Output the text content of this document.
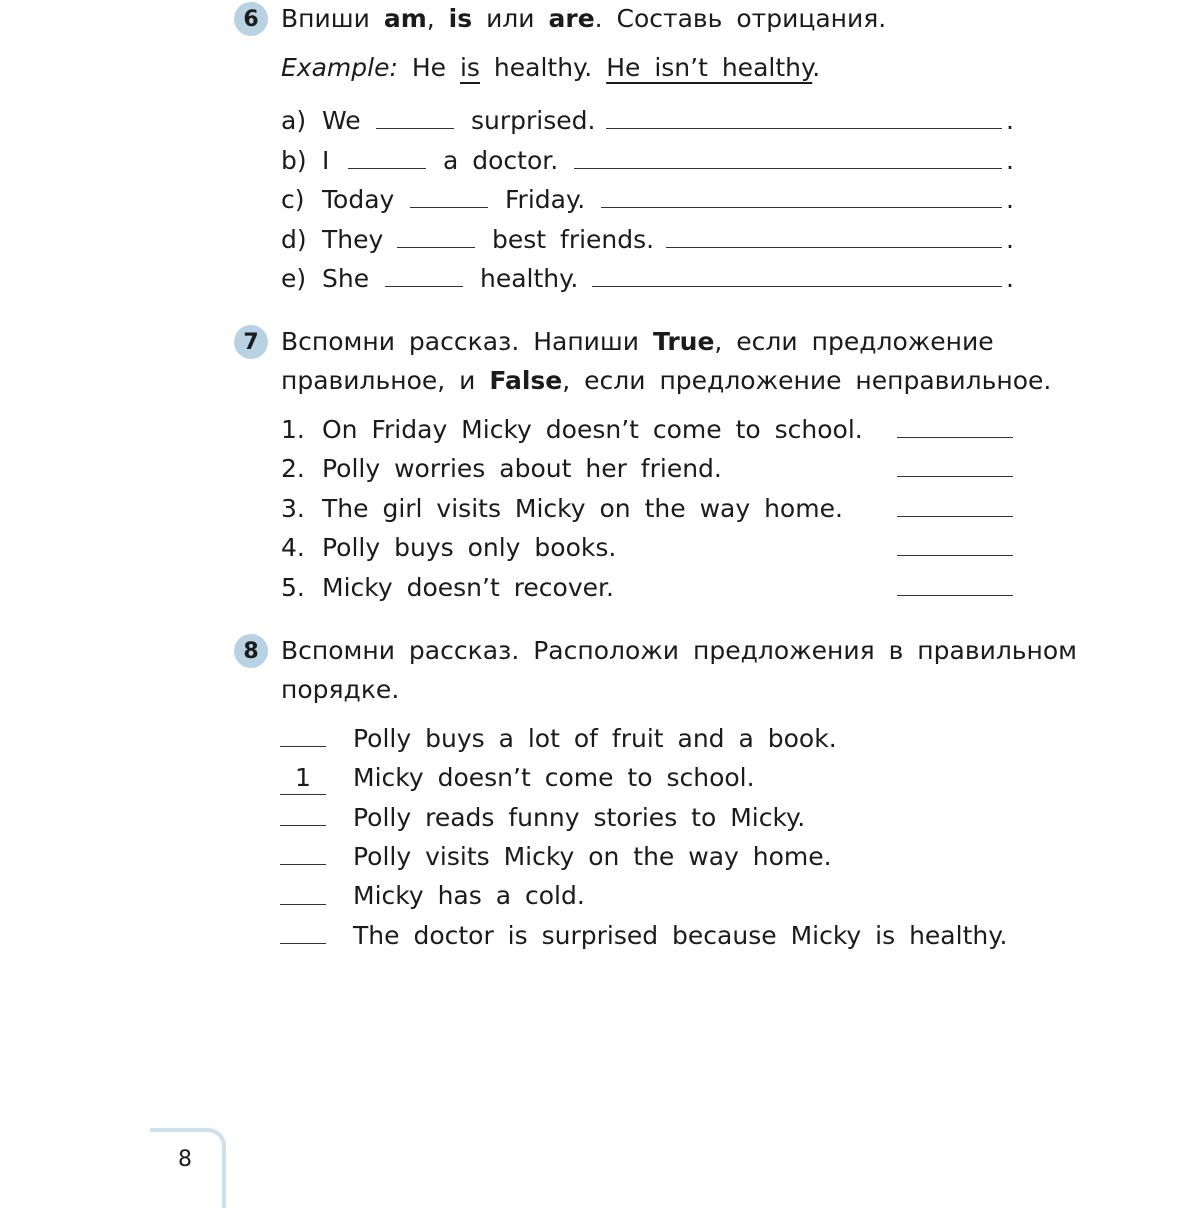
6 Впиши am, is или are. Составь отрицания.
Example: He is healthy. He isn’t healthy.
a) We	surprised.	.
b) I	a doctor.	.
c) Today	Friday.	.
d) They	best friends.	.
e) She	healthy.	.
7 Вспомни рассказ. Напиши True, если предложение
правильное, и False, если предложение неправильное.
1. On Friday Micky doesn’t come to school.
2. Polly worries about her friend.
3. The girl visits Micky on the way home.
4. Polly buys only books.
5. Micky doesn’t recover.
8 Вспомни рассказ. Расположи предложения в правильном
порядке.
Polly buys a lot of fruit and a book.
1 Micky doesn’t come to school.
Polly reads funny stories to Micky.
Polly visits Micky on the way home.
Micky has a cold.
The doctor is surprised because Micky is healthy.
8
